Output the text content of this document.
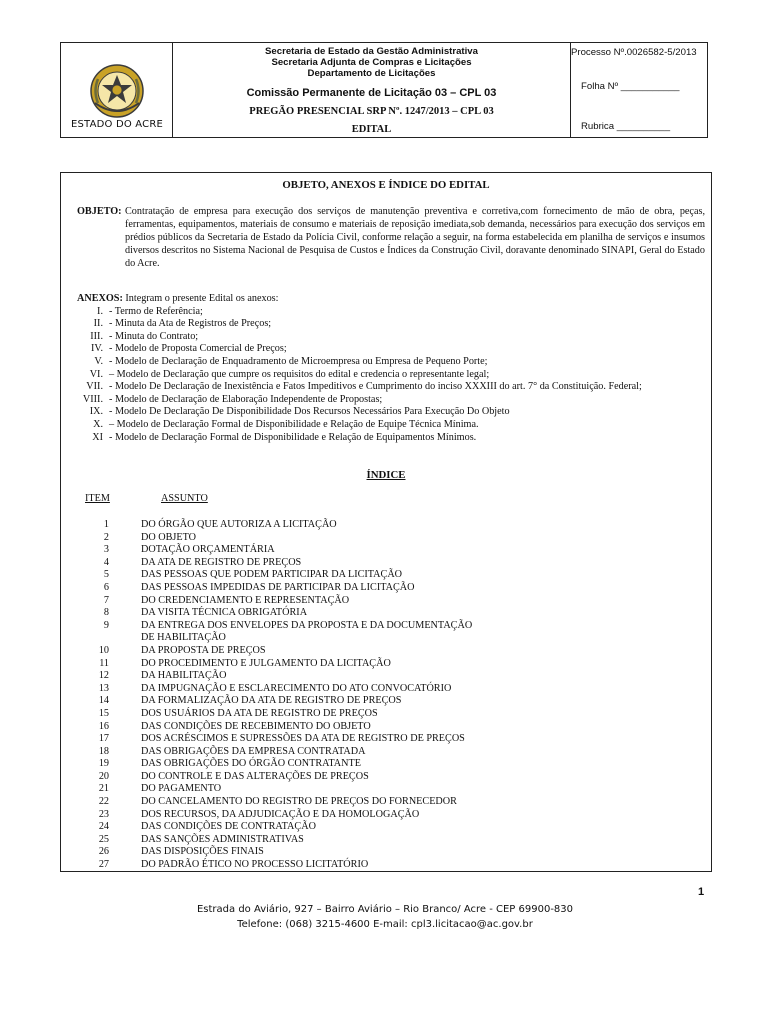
ESTADO DO ACRE
Secretaria de Estado da Gestão Administrativa
Secretaria Adjunta de Compras e Licitações
Departamento de Licitações
Comissão Permanente de Licitação 03 – CPL 03
PREGÃO PRESENCIAL SRP Nº. 1247/2013 – CPL 03
EDITAL
Processo Nº.0026582-5/2013
Folha Nº ___________
Rubrica __________
OBJETO, ANEXOS E ÍNDICE DO EDITAL
OBJETO: Contratação de empresa para execução dos serviços de manutenção preventiva e corretiva,com fornecimento de mão de obra, peças, ferramentas, equipamentos, materiais de consumo e materiais de reposição imediata,sob demanda, necessários para execução dos serviços em prédios públicos da Secretaria de Estado da Polícia Civil, conforme relação a seguir, na forma estabelecida em planilha de serviços e insumos diversos descritos no Sistema Nacional de Pesquisa de Custos e Índices da Construção Civil, doravante denominado SINAPI, Geral do Estado do Acre.
ANEXOS: Integram o presente Edital os anexos:
I. - Termo de Referência;
II. - Minuta da Ata de Registros de Preços;
III. - Minuta do Contrato;
IV. - Modelo de Proposta Comercial de Preços;
V. - Modelo de Declaração de Enquadramento de Microempresa ou Empresa de Pequeno Porte;
VI. – Modelo de Declaração que cumpre os requisitos do edital e credencia o representante legal;
VII. - Modelo De Declaração de Inexistência e Fatos Impeditivos e Cumprimento do inciso XXXIII do art. 7° da Constituição. Federal;
VIII. - Modelo de Declaração de Elaboração Independente de Propostas;
IX. - Modelo De Declaração De Disponibilidade Dos Recursos Necessários Para Execução Do Objeto
X. – Modelo de Declaração Formal de Disponibilidade e Relação de Equipe Técnica Mínima.
XI - Modelo de Declaração Formal de Disponibilidade e Relação de Equipamentos Mínimos.
ÍNDICE
ITEM	ASSUNTO
1	DO ÓRGÃO QUE AUTORIZA A LICITAÇÃO
2	DO OBJETO
3	DOTAÇÃO ORÇAMENTÁRIA
4	DA ATA DE REGISTRO DE PREÇOS
5	DAS PESSOAS QUE PODEM PARTICIPAR DA LICITAÇÃO
6	DAS PESSOAS IMPEDIDAS DE PARTICIPAR DA LICITAÇÃO
7	DO CREDENCIAMENTO E REPRESENTAÇÃO
8	DA VISITA TÉCNICA OBRIGATÓRIA
9	DA ENTREGA DOS ENVELOPES DA PROPOSTA E DA DOCUMENTAÇÃO
DE HABILITAÇÃO
10	DA PROPOSTA DE PREÇOS
11	DO PROCEDIMENTO E JULGAMENTO DA LICITAÇÃO
12	DA HABILITAÇÃO
13	DA IMPUGNAÇÃO E ESCLARECIMENTO DO ATO CONVOCATÓRIO
14	DA FORMALIZAÇÃO DA ATA DE REGISTRO DE PREÇOS
15	DOS USUÁRIOS DA ATA DE REGISTRO DE PREÇOS
16	DAS CONDIÇÕES DE RECEBIMENTO DO OBJETO
17	DOS ACRÉSCIMOS E SUPRESSÕES DA ATA DE REGISTRO DE PREÇOS
18	DAS OBRIGAÇÕES DA EMPRESA CONTRATADA
19	DAS OBRIGAÇÕES DO ÓRGÃO CONTRATANTE
20	DO CONTROLE E DAS ALTERAÇÕES DE PREÇOS
21	DO PAGAMENTO
22	DO CANCELAMENTO DO REGISTRO DE PREÇOS DO FORNECEDOR
23	DOS RECURSOS, DA ADJUDICAÇÃO E DA HOMOLOGAÇÃO
24	DAS CONDIÇÕES DE CONTRATAÇÃO
25	DAS SANÇÕES ADMINISTRATIVAS
26	DAS DISPOSIÇÕES FINAIS
27	DO PADRÃO ÉTICO NO PROCESSO LICITATÓRIO
1
Estrada do Aviário, 927 – Bairro Aviário – Rio Branco/ Acre - CEP 69900-830
Telefone: (068) 3215-4600 E-mail: cpl3.licitacao@ac.gov.br
